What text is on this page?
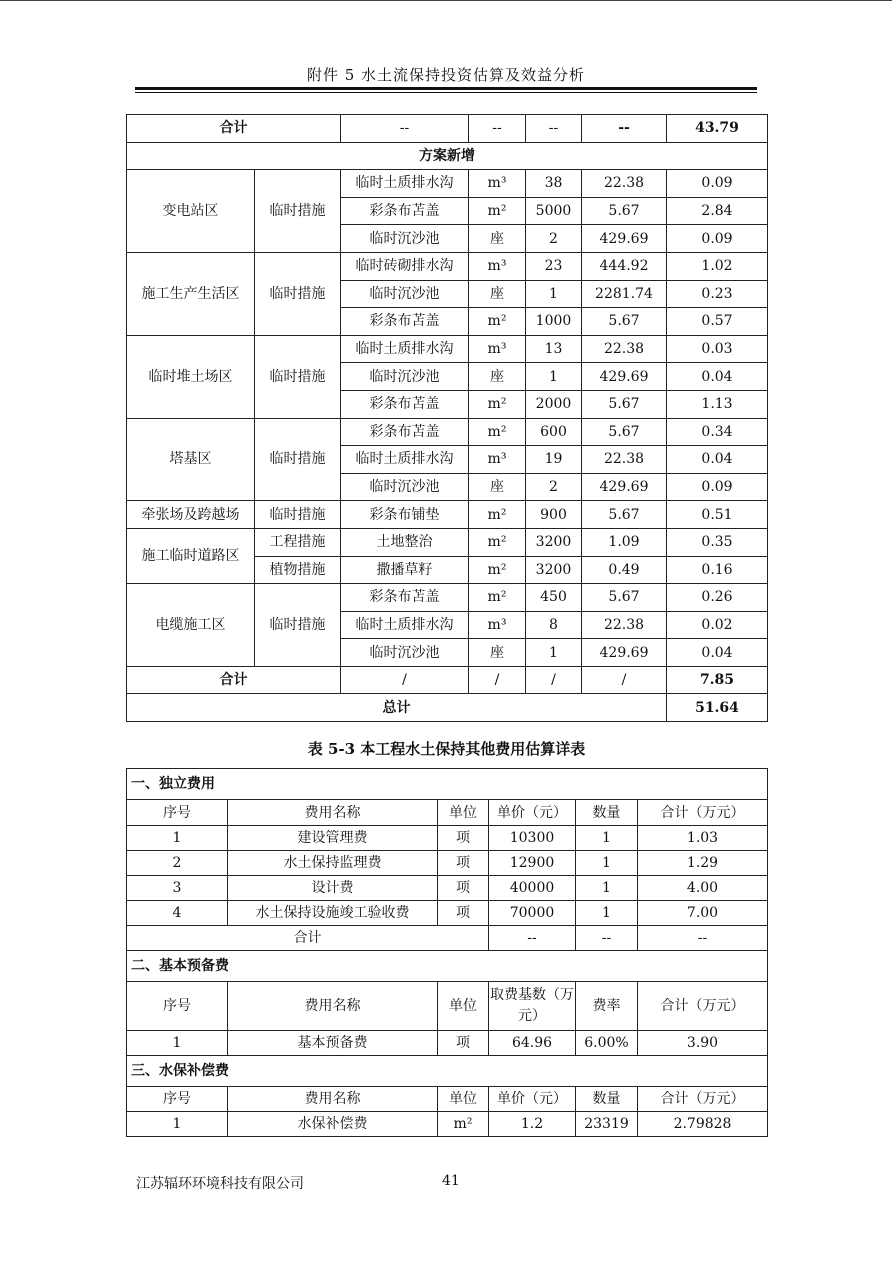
附件 5 水土流保持投资估算及效益分析
合计		--	--	--	--	43.79
方案新增						
变电站区	临时措施	临时土质排水沟	m³	38	22.38	0.09
		彩条布苫盖	m²	5000	5.67	2.84
		临时沉沙池	座	2	429.69	0.09
施工生产生活区	临时措施	临时砖砌排水沟	m³	23	444.92	1.02
		临时沉沙池	座	1	2281.74	0.23
		彩条布苫盖	m²	1000	5.67	0.57
临时堆土场区	临时措施	临时土质排水沟	m³	13	22.38	0.03
		临时沉沙池	座	1	429.69	0.04
		彩条布苫盖	m²	2000	5.67	1.13
塔基区	临时措施	彩条布苫盖	m²	600	5.67	0.34
		临时土质排水沟	m³	19	22.38	0.04
		临时沉沙池	座	2	429.69	0.09
牵张场及跨越场	临时措施	彩条布铺垫	m²	900	5.67	0.51
施工临时道路区	工程措施	土地整治	m²	3200	1.09	0.35
	植物措施	撒播草籽	m²	3200	0.49	0.16
电缆施工区	临时措施	彩条布苫盖	m²	450	5.67	0.26
		临时土质排水沟	m³	8	22.38	0.02
		临时沉沙池	座	1	429.69	0.04
合计		/	/	/	/	7.85
总计						51.64
表 5-3 本工程水土保持其他费用估算详表
一、独立费用						
序号	费用名称	单位	单价（元）	数量	合计（万元）	
1	建设管理费	项	10300	1	1.03	
2	水土保持监理费	项	12900	1	1.29	
3	设计费	项	40000	1	4.00	
4	水土保持设施竣工验收费	项	70000	1	7.00	
合计			--	--	--	
二、基本预备费						
序号	费用名称	单位	取费基数（万元）	费率	合计（万元）	
1	基本预备费	项	64.96	6.00%	3.90	
三、水保补偿费						
序号	费用名称	单位	单价（元）	数量	合计（万元）	
1	水保补偿费	m²	1.2	23319	2.79828	
江苏辐环环境科技有限公司	41
